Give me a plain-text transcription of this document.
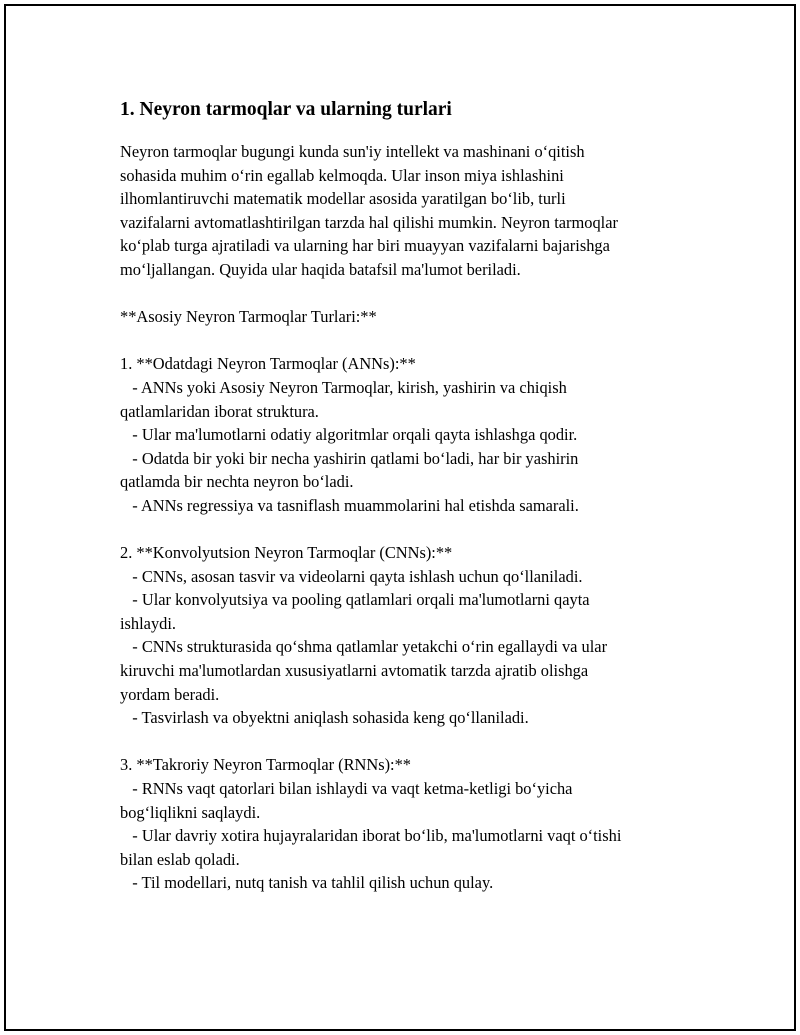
1. Neyron tarmoqlar va ularning turlari
Neyron tarmoqlar bugungi kunda sun'iy intellekt va mashinani o‘qitish
sohasida muhim o‘rin egallab kelmoqda. Ular inson miya ishlashini
ilhomlantiruvchi matematik modellar asosida yaratilgan bo‘lib, turli
vazifalarni avtomatlashtirilgan tarzda hal qilishi mumkin. Neyron tarmoqlar
ko‘plab turga ajratiladi va ularning har biri muayyan vazifalarni bajarishga
mo‘ljallangan. Quyida ular haqida batafsil ma'lumot beriladi.
**Asosiy Neyron Tarmoqlar Turlari:**
1. **Odatdagi Neyron Tarmoqlar (ANNs):**
- ANNs yoki Asosiy Neyron Tarmoqlar, kirish, yashirin va chiqish
qatlamlaridan iborat struktura.
- Ular ma'lumotlarni odatiy algoritmlar orqali qayta ishlashga qodir.
- Odatda bir yoki bir necha yashirin qatlami bo‘ladi, har bir yashirin
qatlamda bir nechta neyron bo‘ladi.
- ANNs regressiya va tasniflash muammolarini hal etishda samarali.
2. **Konvolyutsion Neyron Tarmoqlar (CNNs):**
- CNNs, asosan tasvir va videolarni qayta ishlash uchun qo‘llaniladi.
- Ular konvolyutsiya va pooling qatlamlari orqali ma'lumotlarni qayta
ishlaydi.
- CNNs strukturasida qo‘shma qatlamlar yetakchi o‘rin egallaydi va ular
kiruvchi ma'lumotlardan xususiyatlarni avtomatik tarzda ajratib olishga
yordam beradi.
- Tasvirlash va obyektni aniqlash sohasida keng qo‘llaniladi.
3. **Takroriy Neyron Tarmoqlar (RNNs):**
- RNNs vaqt qatorlari bilan ishlaydi va vaqt ketma-ketligi bo‘yicha
bog‘liqlikni saqlaydi.
- Ular davriy xotira hujayralaridan iborat bo‘lib, ma'lumotlarni vaqt o‘tishi
bilan eslab qoladi.
- Til modellari, nutq tanish va tahlil qilish uchun qulay.
